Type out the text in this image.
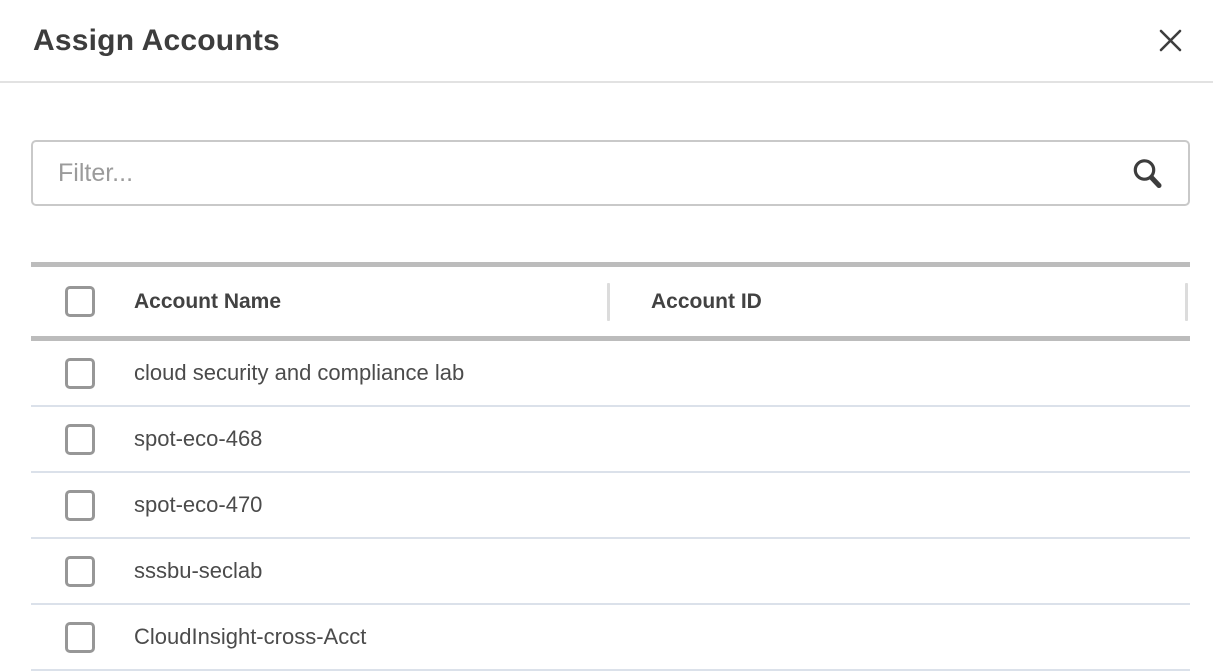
Assign Accounts
Filter...
Account Name	Account ID
cloud security and compliance lab
spot-eco-468
spot-eco-470
sssbu-seclab
CloudInsight-cross-Acct
